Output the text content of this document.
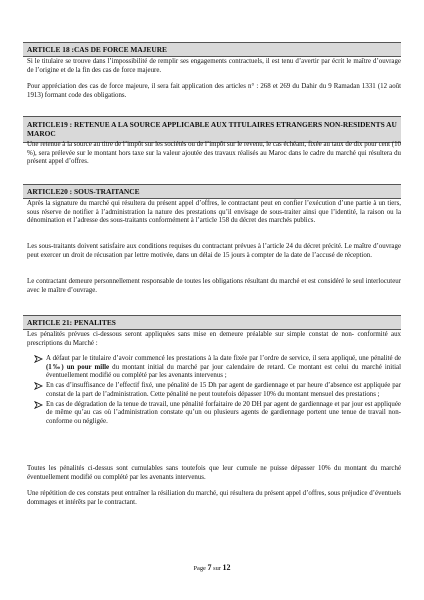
ARTICLE 18 :CAS DE FORCE MAJEURE

Si le titulaire se trouve dans l’impossibilité de remplir ses engagements contractuels, il est tenu d’avertir par écrit le maître d’ouvrage de l’origine et de la fin des cas de force majeure.

Pour appréciation des cas de force majeure, il sera fait application des articles n° : 268 et 269 du Dahir du 9 Ramadan 1331 (12 août 1913) formant code des obligations.

ARTICLE19 : RETENUE A LA SOURCE APPLICABLE AUX TITULAIRES ETRANGERS NON-RESIDENTS AU MAROC

Une retenue à la source au titre de l’impôt sur les sociétés ou de l’impôt sur le revenu, le cas échéant, fixée au taux de dix pour cent (10 %), sera prélevée sur le montant hors taxe sur la valeur ajoutée des travaux réalisés au Maroc dans le cadre du marché qui résultera du présent appel d’offres.

ARTICLE20 : SOUS-TRAITANCE

Après la signature du marché qui résultera du présent appel d’offres, le contractant peut en confier l’exécution d’une partie à un tiers, sous réserve de notifier à l’administration la nature des prestations qu’il envisage de sous-traiter ainsi que l’identité, la raison ou la dénomination et l’adresse des sous-traitants conformément à l’article 158 du décret des marchés publics.

Les sous-traitants doivent satisfaire aux conditions requises du contractant prévues à l’article 24 du décret précité. Le maître d’ouvrage peut exercer un droit de récusation par lettre motivée, dans un délai de 15 jours à compter de la date de l’accusé de réception.

Le contractant demeure personnellement responsable de toutes les obligations résultant du marché et est considéré le seul interlocuteur avec le maître d’ouvrage.

ARTICLE 21: PENALITES

Les pénalités prévues ci-dessous seront appliquées sans mise en demeure préalable sur simple constat de non- conformité aux prescriptions du Marché :

A défaut par le titulaire d’avoir commencé les prestations à la date fixée par l’ordre de service, il sera appliqué, une pénalité de (1‰) un pour mille du montant initial du marché par jour calendaire de retard. Ce montant est celui du marché initial éventuellement modifié ou complété par les avenants intervenus ;
En cas d’insuffisance de l’effectif fixé, une pénalité de 15 Dh par agent de gardiennage et par heure d’absence est appliquée par constat de la part de l’administration. Cette pénalité ne peut toutefois dépasser 10% du montant mensuel des prestations ;
En cas de dégradation de la tenue de travail, une pénalité forfaitaire de 20 DH par agent de gardiennage et par jour est appliquée de même qu’au cas où l’administration constate qu’un ou plusieurs agents de gardiennage portent une tenue de travail non-conforme ou négligée.

Toutes les pénalités ci-dessus sont cumulables sans toutefois que leur cumule ne puisse dépasser 10% du montant du marché éventuellement modifié ou complété par les avenants intervenus.

Une répétition de ces constats peut entraîner la résiliation du marché, qui résultera du présent appel d’offres, sous préjudice d’éventuels dommages et intérêts par le contractant.

Page 7 sur 12
